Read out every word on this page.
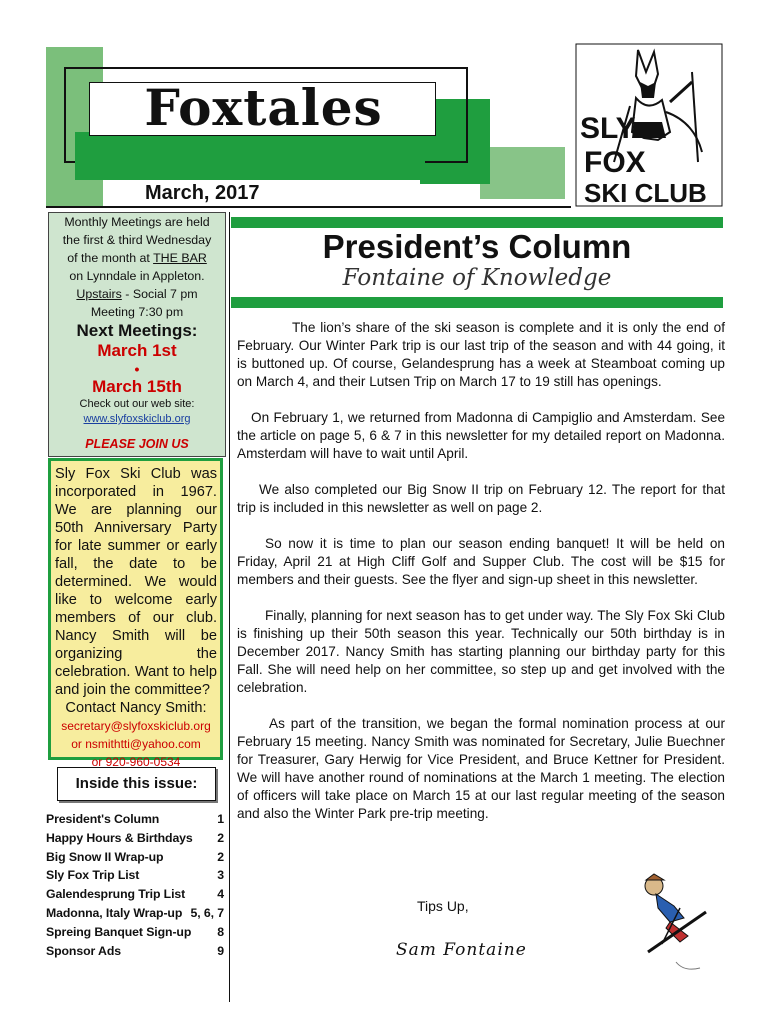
Foxtales
March, 2017
SLY
FOX
SKI CLUB
Monthly Meetings are held
the first & third Wednesday
of the month at THE BAR
on Lynndale in Appleton.
Upstairs - Social 7 pm
Meeting 7:30 pm
Next Meetings:
March 1st
•
March 15th
Check out our web site:
www.slyfoxskiclub.org
PLEASE JOIN US
Sly Fox Ski Club was incorporated in 1967. We are planning our 50th Anniversary Party for late summer or early fall, the date to be determined. We would like to welcome early members of our club. Nancy Smith will be organizing the celebration. Want to help and join the committee?
Contact Nancy Smith:
secretary@slyfoxskiclub.org
or nsmithtti@yahoo.com
or 920-960-0534
Inside this issue:
President's Column	1
Happy Hours & Birthdays 2
Big Snow II Wrap-up	2
Sly Fox Trip List	3
Galendesprung Trip List	4
Madonna, Italy Wrap-up 5, 6, 7
Spreing Banquet Sign-up 8
Sponsor Ads	9
President’s Column
Fontaine of Knowledge

The lion’s share of the ski season is complete and it is only the end of February. Our Winter Park trip is our last trip of the season and with 44 going, it is buttoned up. Of course, Gelandesprung has a week at Steamboat coming up on March 4, and their Lutsen Trip on March 17 to 19 still has openings.

On February 1, we returned from Madonna di Campiglio and Amsterdam. See the article on page 5, 6 & 7 in this newsletter for my detailed report on Madonna. Amsterdam will have to wait until April.

We also completed our Big Snow II trip on February 12. The report for that trip is included in this newsletter as well on page 2.

So now it is time to plan our season ending banquet! It will be held on Friday, April 21 at High Cliff Golf and Supper Club. The cost will be $15 for members and their guests. See the flyer and sign-up sheet in this newsletter.

Finally, planning for next season has to get under way. The Sly Fox Ski Club is finishing up their 50th season this year. Technically our 50th birthday is in December 2017. Nancy Smith has starting planning our birthday party for this Fall. She will need help on her committee, so step up and get involved with the celebration.

As part of the transition, we began the formal nomination process at our February 15 meeting. Nancy Smith was nominated for Secretary, Julie Buechner for Treasurer, Gary Herwig for Vice President, and Bruce Kettner for President. We will have another round of nominations at the March 1 meeting. The election of officers will take place on March 15 at our last regular meeting of the season and also the Winter Park pre-trip meeting.

Tips Up,
Sam Fontaine
